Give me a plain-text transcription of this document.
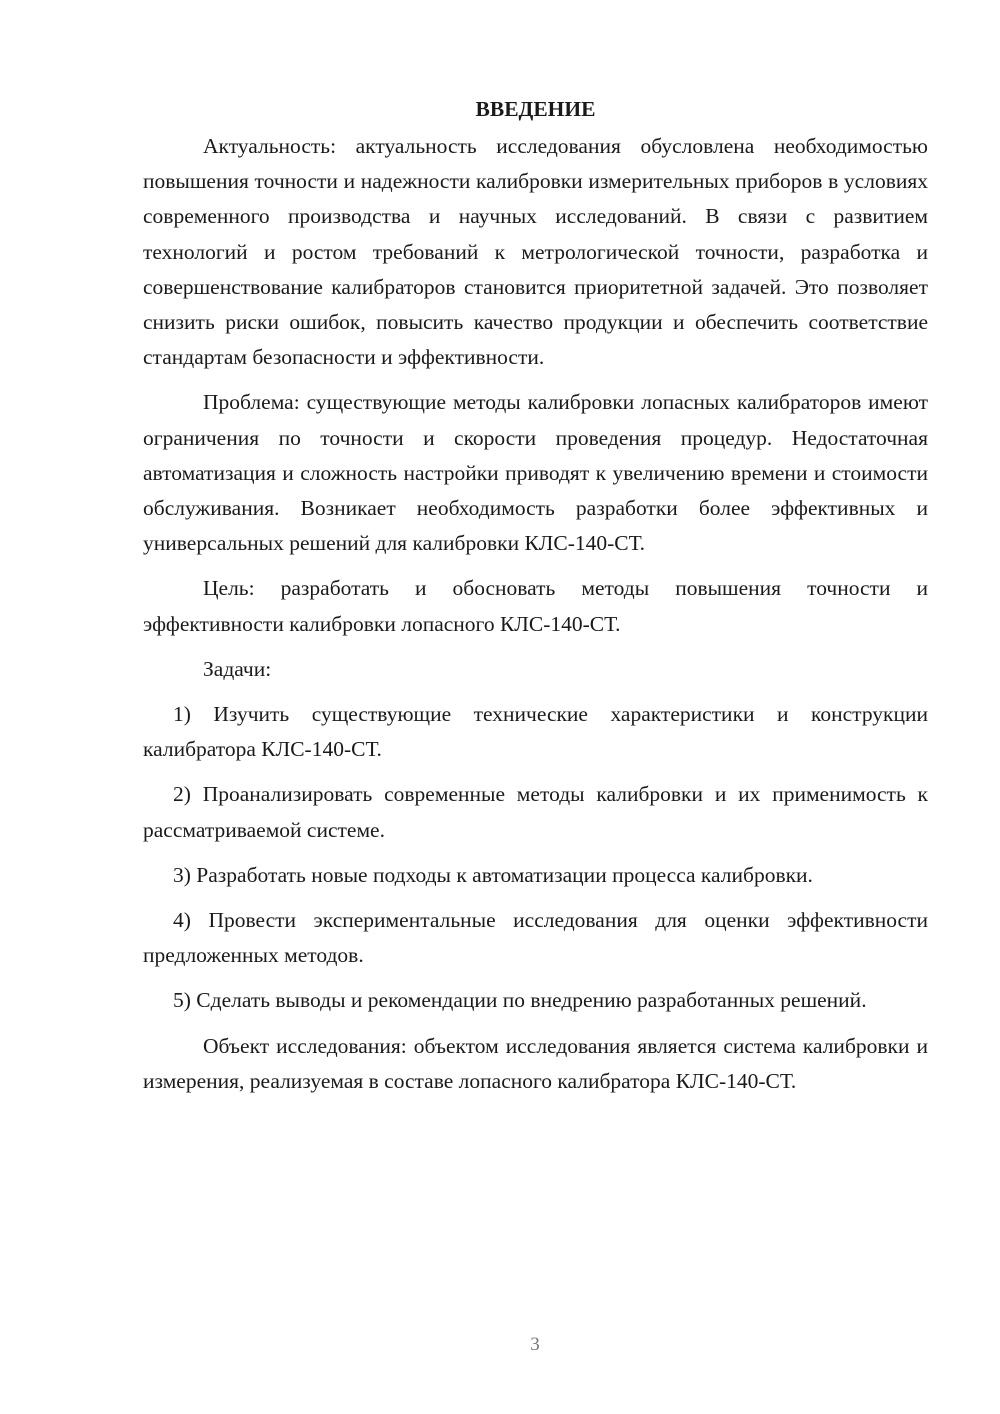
ВВЕДЕНИЕ

Актуальность: актуальность исследования обусловлена необходимостью повышения точности и надежности калибровки измерительных приборов в условиях современного производства и научных исследований. В связи с развитием технологий и ростом требований к метрологической точности, разработка и совершенствование калибраторов становится приоритетной задачей. Это позволяет снизить риски ошибок, повысить качество продукции и обеспечить соответствие стандартам безопасности и эффективности.

Проблема: существующие методы калибровки лопасных калибраторов имеют ограничения по точности и скорости проведения процедур. Недостаточная автоматизация и сложность настройки приводят к увеличению времени и стоимости обслуживания. Возникает необходимость разработки более эффективных и универсальных решений для калибровки КЛС-140-СТ.

Цель: разработать и обосновать методы повышения точности и эффективности калибровки лопасного КЛС-140-СТ.

Задачи:

1) Изучить существующие технические характеристики и конструкции калибратора КЛС-140-СТ.

2) Проанализировать современные методы калибровки и их применимость к рассматриваемой системе.

3) Разработать новые подходы к автоматизации процесса калибровки.

4) Провести экспериментальные исследования для оценки эффективности предложенных методов.

5) Сделать выводы и рекомендации по внедрению разработанных решений.

Объект исследования: объектом исследования является система калибровки и измерения, реализуемая в составе лопасного калибратора КЛС-140-СТ.

3
